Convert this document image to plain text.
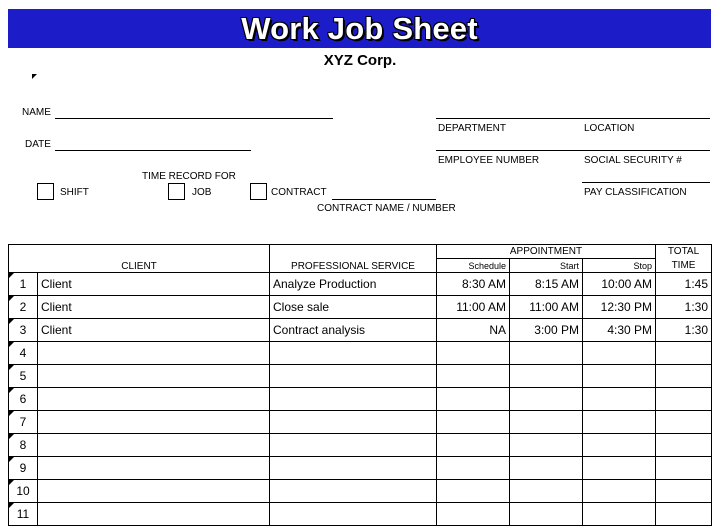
Work Job Sheet
XYZ Corp.
NAME
DATE
DEPARTMENT	LOCATION
EMPLOYEE NUMBER	SOCIAL SECURITY #
TIME RECORD FOR
SHIFT	JOB	CONTRACT
CONTRACT NAME / NUMBER
PAY CLASSIFICATION
CLIENT		PROFESSIONAL SERVICE	APPOINTMENT			TOTAL
			Schedule	Start	Stop	TIME
1	Client	Analyze Production	8:30 AM	8:15 AM	10:00 AM	1:45
2	Client	Close sale	11:00 AM	11:00 AM	12:30 PM	1:30
3	Client	Contract analysis	NA	3:00 PM	4:30 PM	1:30
4						
5						
6						
7						
8						
9						
10						
11						
